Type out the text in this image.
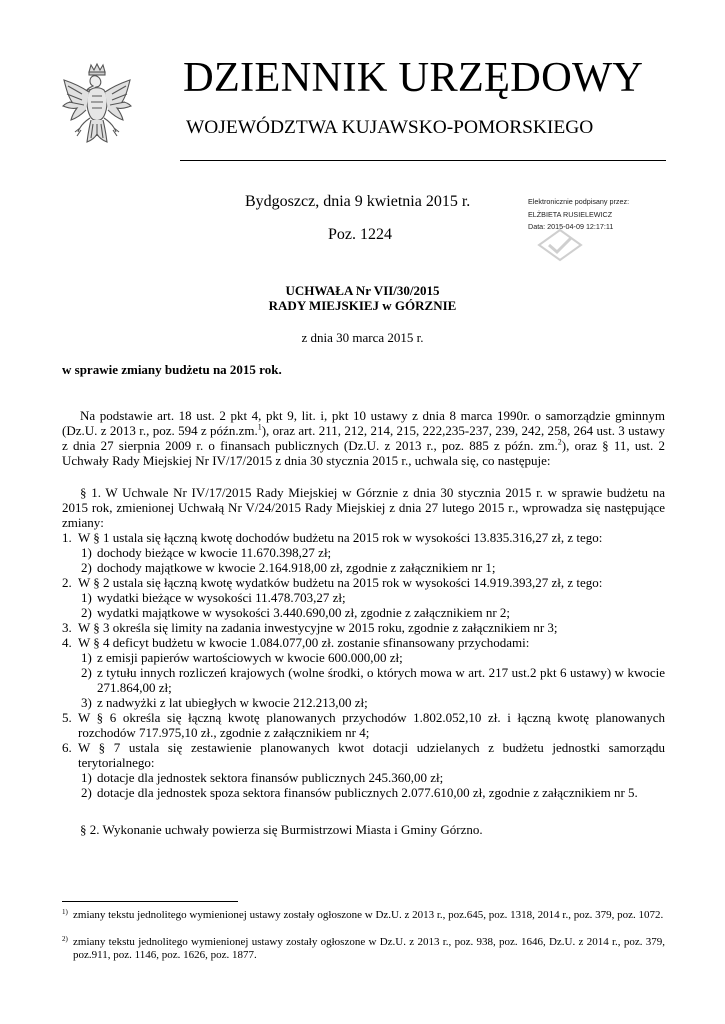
DZIENNIK URZĘDOWY
WOJEWÓDZTWA KUJAWSKO-POMORSKIEGO
Bydgoszcz, dnia 9 kwietnia 2015 r.
Poz. 1224
Elektronicznie podpisany przez:
ELŻBIETA RUSIELEWICZ
Data: 2015-04-09 12:17:11
UCHWAŁA Nr VII/30/2015
RADY MIEJSKIEJ w GÓRZNIE
z dnia 30 marca 2015 r.
w sprawie zmiany budżetu na 2015 rok.
Na podstawie art. 18 ust. 2 pkt 4, pkt 9, lit. i, pkt 10 ustawy z dnia 8 marca 1990r. o samorządzie gminnym (Dz.U. z 2013 r., poz. 594 z późn.zm.$^1$), oraz art. 211, 212, 214, 215, 222,235-237, 239, 242, 258, 264 ust. 3 ustawy z dnia 27 sierpnia 2009 r. o finansach publicznych (Dz.U. z 2013 r., poz. 885 z późn. zm.$^2$), oraz § 11, ust. 2 Uchwały Rady Miejskiej Nr IV/17/2015 z dnia 30 stycznia 2015 r., uchwala się, co następuje:
§ 1. W Uchwale Nr IV/17/2015 Rady Miejskiej w Górznie z dnia 30 stycznia 2015 r. w sprawie budżetu na 2015 rok, zmienionej Uchwałą Nr V/24/2015 Rady Miejskiej z dnia 27 lutego 2015 r., wprowadza się następujące zmiany:
1. W § 1 ustala się łączną kwotę dochodów budżetu na 2015 rok w wysokości 13.835.316,27 zł, z tego:
1) dochody bieżące w kwocie 11.670.398,27 zł;
2) dochody majątkowe w kwocie 2.164.918,00 zł, zgodnie z załącznikiem nr 1;
2. W § 2 ustala się łączną kwotę wydatków budżetu na 2015 rok w wysokości 14.919.393,27 zł, z tego:
1) wydatki bieżące w wysokości 11.478.703,27 zł;
2) wydatki majątkowe w wysokości 3.440.690,00 zł, zgodnie z załącznikiem nr 2;
3. W § 3 określa się limity na zadania inwestycyjne w 2015 roku, zgodnie z załącznikiem nr 3;
4. W § 4 deficyt budżetu w kwocie 1.084.077,00 zł. zostanie sfinansowany przychodami:
1) z emisji papierów wartościowych w kwocie 600.000,00 zł;
2) z tytułu innych rozliczeń krajowych (wolne środki, o których mowa w art. 217 ust.2 pkt 6 ustawy) w kwocie 271.864,00 zł;
3) z nadwyżki z lat ubiegłych w kwocie 212.213,00 zł;
5. W § 6 określa się łączną kwotę planowanych przychodów 1.802.052,10 zł. i łączną kwotę planowanych rozchodów 717.975,10 zł., zgodnie z załącznikiem nr 4;
6. W § 7 ustala się zestawienie planowanych kwot dotacji udzielanych z budżetu jednostki samorządu terytorialnego:
1) dotacje dla jednostek sektora finansów publicznych 245.360,00 zł;
2) dotacje dla jednostek spoza sektora finansów publicznych 2.077.610,00 zł, zgodnie z załącznikiem nr 5.
§ 2. Wykonanie uchwały powierza się Burmistrzowi Miasta i Gminy Górzno.
1) zmiany tekstu jednolitego wymienionej ustawy zostały ogłoszone w Dz.U. z 2013 r., poz.645, poz. 1318, 2014 r., poz. 379, poz. 1072.
2) zmiany tekstu jednolitego wymienionej ustawy zostały ogłoszone w Dz.U. z 2013 r., poz. 938, poz. 1646, Dz.U. z 2014 r., poz. 379, poz.911, poz. 1146, poz. 1626, poz. 1877.
